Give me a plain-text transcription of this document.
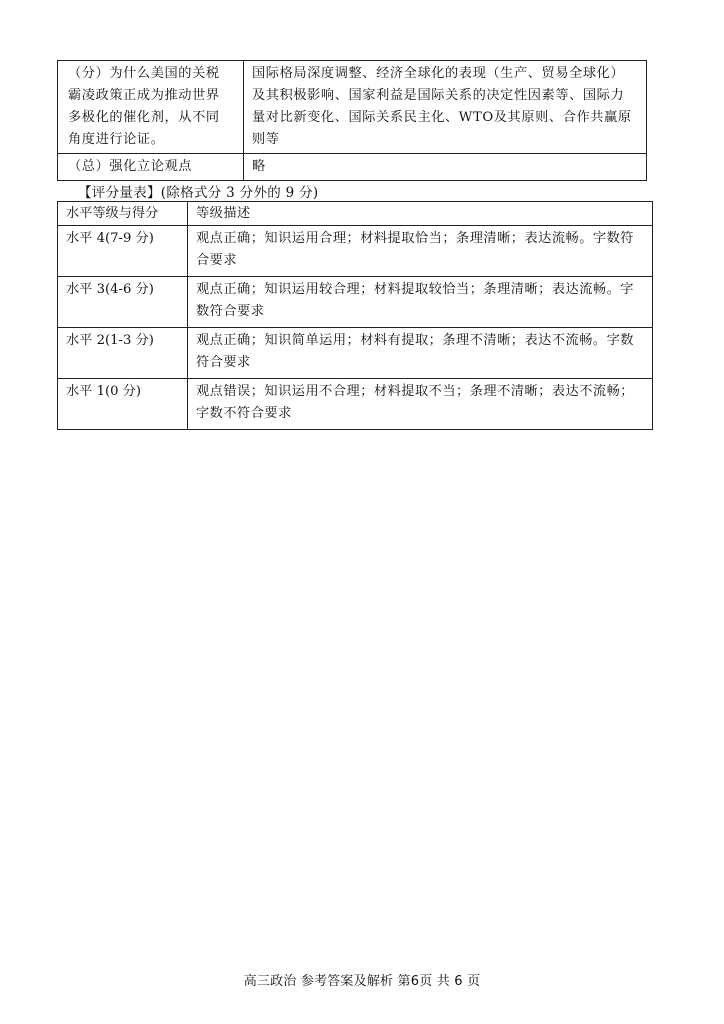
（分）为什么美国的关税霸凌政策正成为推动世界多极化的催化剂，从不同角度进行论证。	国际格局深度调整、经济全球化的表现（生产、贸易全球化）及其积极影响、国家利益是国际关系的决定性因素等、国际力量对比新变化、国际关系民主化、WTO及其原则、合作共赢原则等

（总）强化立论观点	略
【评分量表】(除格式分 3 分外的 9 分)
水平等级与得分	等级描述
水平 4(7-9 分)	观点正确；知识运用合理；材料提取恰当；条理清晰；表达流畅。字数符合要求
水平 3(4-6 分)	观点正确；知识运用较合理；材料提取较恰当；条理清晰；表达流畅。字数符合要求
水平 2(1-3 分)	观点正确；知识简单运用；材料有提取；条理不清晰；表达不流畅。字数符合要求
水平 1(0 分)	观点错误；知识运用不合理；材料提取不当；条理不清晰；表达不流畅；字数不符合要求
高三政治 参考答案及解析 第6页 共 6 页
